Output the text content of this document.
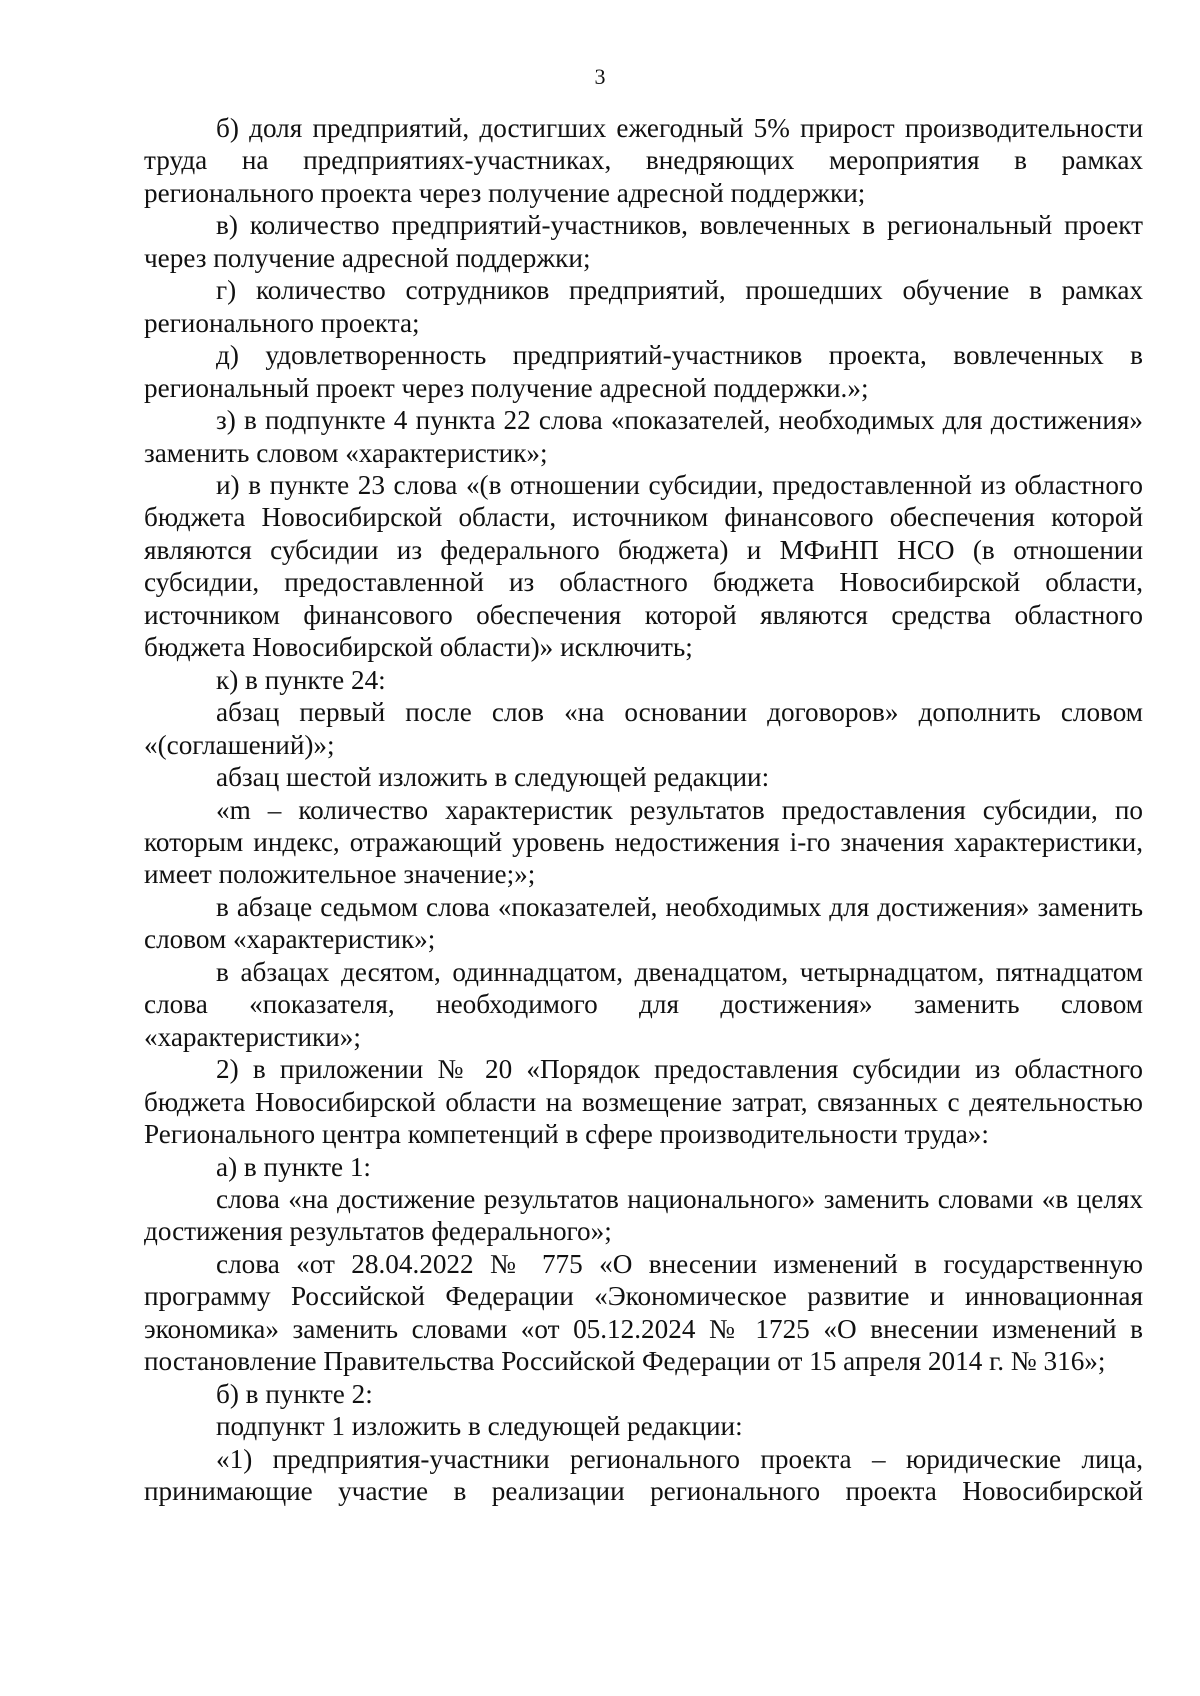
3

б) доля предприятий, достигших ежегодный 5% прирост производительности труда на предприятиях-участниках, внедряющих мероприятия в рамках регионального проекта через получение адресной поддержки;

в) количество предприятий-участников, вовлеченных в региональный проект через получение адресной поддержки;

г) количество сотрудников предприятий, прошедших обучение в рамках регионального проекта;

д) удовлетворенность предприятий-участников проекта, вовлеченных в региональный проект через получение адресной поддержки.»;

з) в подпункте 4 пункта 22 слова «показателей, необходимых для достижения» заменить словом «характеристик»;

и) в пункте 23 слова «(в отношении субсидии, предоставленной из областного бюджета Новосибирской области, источником финансового обеспечения которой являются субсидии из федерального бюджета) и МФиНП НСО (в отношении субсидии, предоставленной из областного бюджета Новосибирской области, источником финансового обеспечения которой являются средства областного бюджета Новосибирской области)» исключить;

к) в пункте 24:

абзац первый после слов «на основании договоров» дополнить словом «(соглашений)»;

абзац шестой изложить в следующей редакции:

«m – количество характеристик результатов предоставления субсидии, по которым индекс, отражающий уровень недостижения i-го значения характеристики, имеет положительное значение;»;

в абзаце седьмом слова «показателей, необходимых для достижения» заменить словом «характеристик»;

в абзацах десятом, одиннадцатом, двенадцатом, четырнадцатом, пятнадцатом слова «показателя, необходимого для достижения» заменить словом «характеристики»;

2) в приложении № 20 «Порядок предоставления субсидии из областного бюджета Новосибирской области на возмещение затрат, связанных с деятельностью Регионального центра компетенций в сфере производительности труда»:

а) в пункте 1:

слова «на достижение результатов национального» заменить словами «в целях достижения результатов федерального»;

слова «от 28.04.2022 № 775 «О внесении изменений в государственную программу Российской Федерации «Экономическое развитие и инновационная экономика» заменить словами «от 05.12.2024 № 1725 «О внесении изменений в постановление Правительства Российской Федерации от 15 апреля 2014 г. № 316»;

б) в пункте 2:

подпункт 1 изложить в следующей редакции:

«1) предприятия-участники регионального проекта – юридические лица, принимающие участие в реализации регионального проекта Новосибирской
